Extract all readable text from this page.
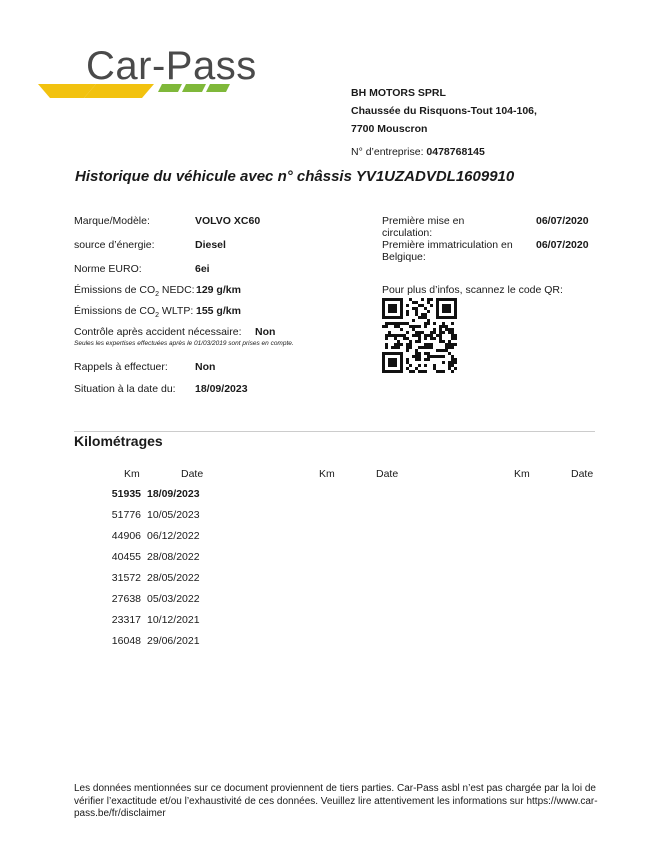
Car-Pass
BH MOTORS SPRL
Chaussée du Risquons-Tout 104-106,
7700 Mouscron
N° d’entreprise: 0478768145
Historique du véhicule avec n° châssis YV1UZADVDL1609910
Marque/Modèle:	VOLVO XC60
source d’énergie:	Diesel
Norme EURO:	6ei
Émissions de $CO_2$ NEDC: 129 g/km
Émissions de $CO_2$ WLTP: 155 g/km
Contrôle après accident nécessaire: Non
Seules les expertises effectuées après le 01/03/2019 sont prises en compte.
Rappels à effectuer:	Non
Situation à la date du: 18/09/2023
Première mise en circulation:
06/07/2020
Première immatriculation en Belgique:
06/07/2020
Pour plus d’infos, scannez le code QR:
Kilométrages
Km	Date	Km	Date	Km	Date
51935 18/09/2023
51776 10/05/2023
44906 06/12/2022
40455 28/08/2022
31572 28/05/2022
27638 05/03/2022
23317 10/12/2021
16048 29/06/2021
Les données mentionnées sur ce document proviennent de tiers parties. Car-Pass asbl n’est pas chargée par la loi de vérifier l’exactitude et/ou l’exhaustivité de ces données. Veuillez lire attentivement les informations sur https://www.car-pass.be/fr/disclaimer
